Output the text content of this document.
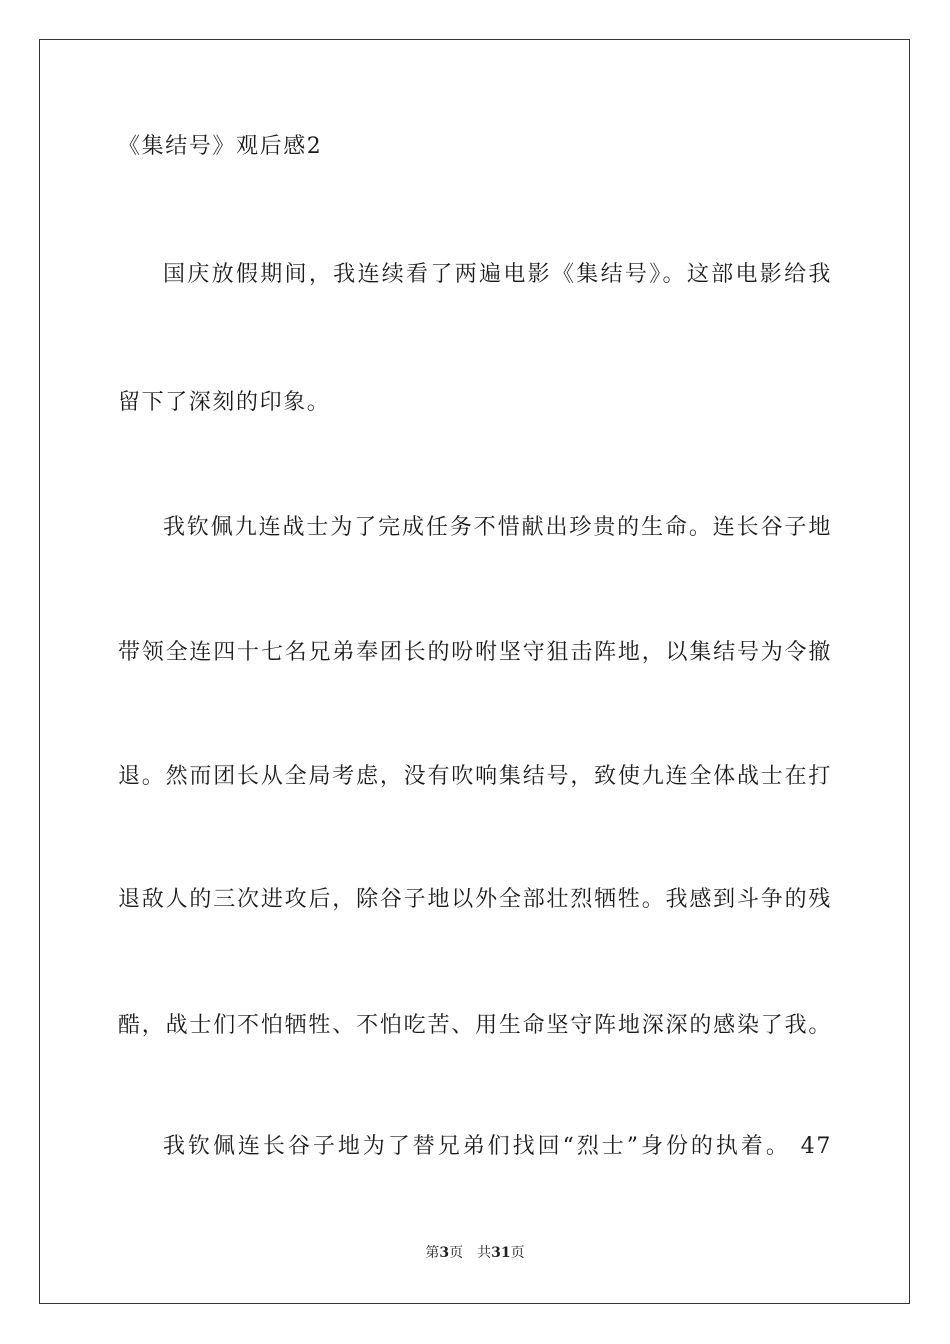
《集结号》观后感2
国庆放假期间，我连续看了两遍电影《集结号》。这部电影给我
留下了深刻的印象。
我钦佩九连战士为了完成任务不惜献出珍贵的生命。连长谷子地
带领全连四十七名兄弟奉团长的吩咐坚守狙击阵地，以集结号为令撤
退。然而团长从全局考虑，没有吹响集结号，致使九连全体战士在打
退敌人的三次进攻后，除谷子地以外全部壮烈牺牲。我感到斗争的残
酷，战士们不怕牺牲、不怕吃苦、用生命坚守阵地深深的感染了我。
我钦佩连长谷子地为了替兄弟们找回“烈士”身份的执着。 47
第3页 共31页
